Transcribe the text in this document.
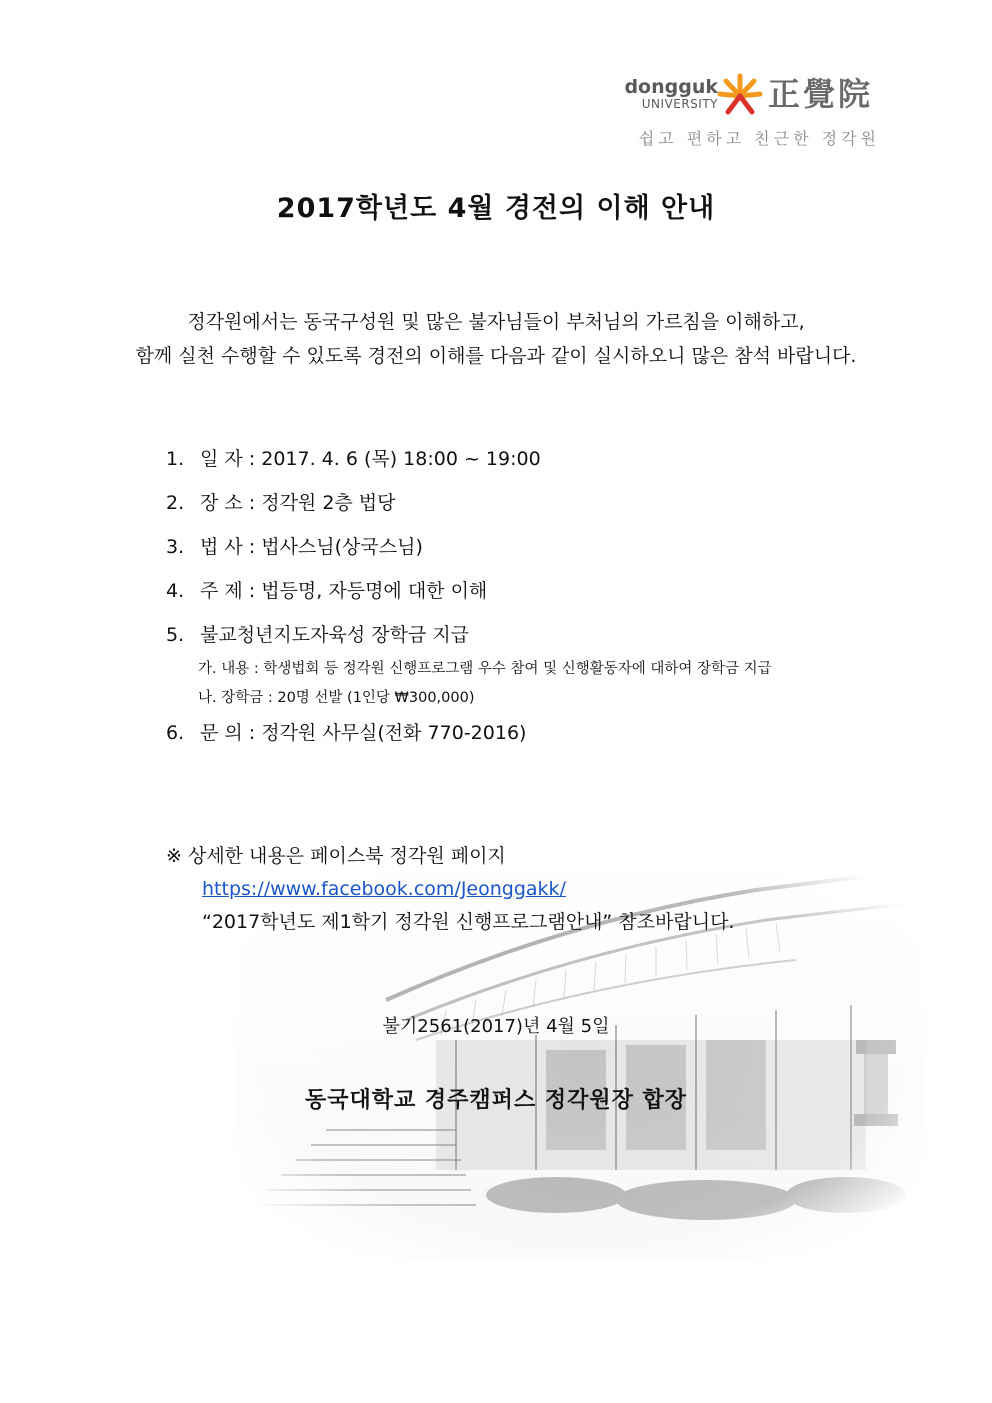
dongguk
UNIVERSITY 正覺院
쉽고 편하고 친근한 정각원
2017학년도 4월 경전의 이해 안내
정각원에서는 동국구성원 및 많은 불자님들이 부처님의 가르침을 이해하고,
함께 실천 수행할 수 있도록 경전의 이해를 다음과 같이 실시하오니 많은 참석 바랍니다.
1. 일 자 : 2017. 4. 6 (목) 18:00 ~ 19:00
2. 장 소 : 정각원 2층 법당
3. 법 사 : 법사스님(상국스님)
4. 주 제 : 법등명, 자등명에 대한 이해
5. 불교청년지도자육성 장학금 지급
가. 내용 : 학생법회 등 정각원 신행프로그램 우수 참여 및 신행활동자에 대하여 장학금 지급
나. 장학금 : 20명 선발 (1인당 ₩300,000)
6. 문 의 : 정각원 사무실(전화 770-2016)
※ 상세한 내용은 페이스북 정각원 페이지
https://www.facebook.com/Jeonggakk/
“2017학년도 제1학기 정각원 신행프로그램안내” 참조바랍니다.
불기2561(2017)년 4월 5일
동국대학교 경주캠퍼스 정각원장 합장
